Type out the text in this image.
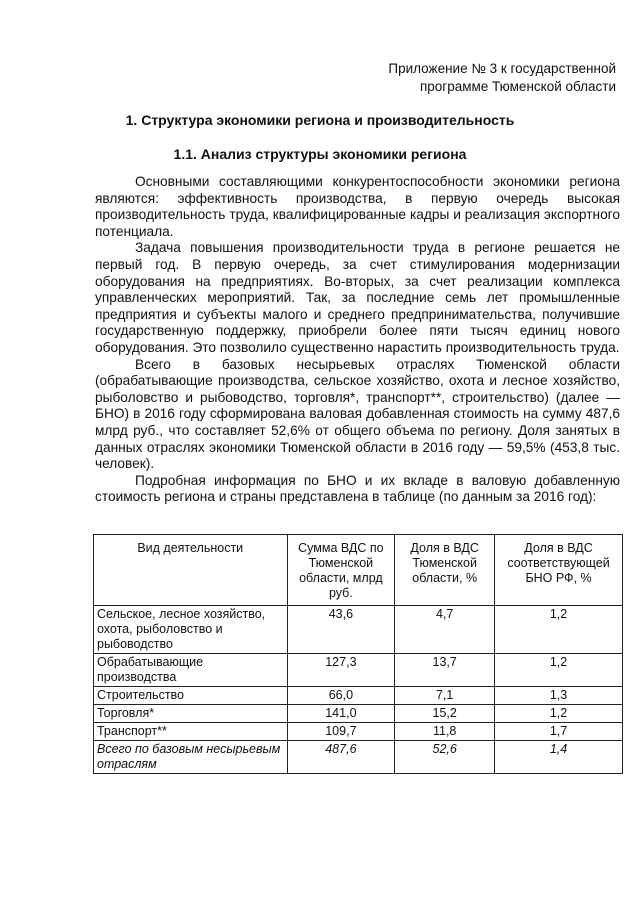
Приложение № 3 к государственной
программе Тюменской области
1. Структура экономики региона и производительность
1.1. Анализ структуры экономики региона

Основными составляющими конкурентоспособности экономики региона являются: эффективность производства, в первую очередь высокая производительность труда, квалифицированные кадры и реализация экспортного потенциала.

Задача повышения производительности труда в регионе решается не первый год. В первую очередь, за счет стимулирования модернизации оборудования на предприятиях. Во-вторых, за счет реализации комплекса управленческих мероприятий. Так, за последние семь лет промышленные предприятия и субъекты малого и среднего предпринимательства, получившие государственную поддержку, приобрели более пяти тысяч единиц нового оборудования. Это позволило существенно нарастить производительность труда.

Всего в базовых несырьевых отраслях Тюменской области (обрабатывающие производства, сельское хозяйство, охота и лесное хозяйство, рыболовство и рыбоводство, торговля*, транспорт**, строительство) (далее — БНО) в 2016 году сформирована валовая добавленная стоимость на сумму 487,6 млрд руб., что составляет 52,6% от общего объема по региону. Доля занятых в данных отраслях экономики Тюменской области в 2016 году — 59,5% (453,8 тыс. человек).

Подробная информация по БНО и их вкладе в валовую добавленную стоимость региона и страны представлена в таблице (по данным за 2016 год):

Вид деятельности	Сумма ВДС по Тюменской области, млрд руб.	Доля в ВДС Тюменской области, %	Доля в ВДС соответствующей БНО РФ, %
Сельское, лесное хозяйство, охота, рыболовство и рыбоводство	43,6	4,7	1,2
Обрабатывающие производства	127,3	13,7	1,2
Строительство	66,0	7,1	1,3
Торговля*	141,0	15,2	1,2
Транспорт**	109,7	11,8	1,7
Всего по базовым несырьевым отраслям	487,6	52,6	1,4
